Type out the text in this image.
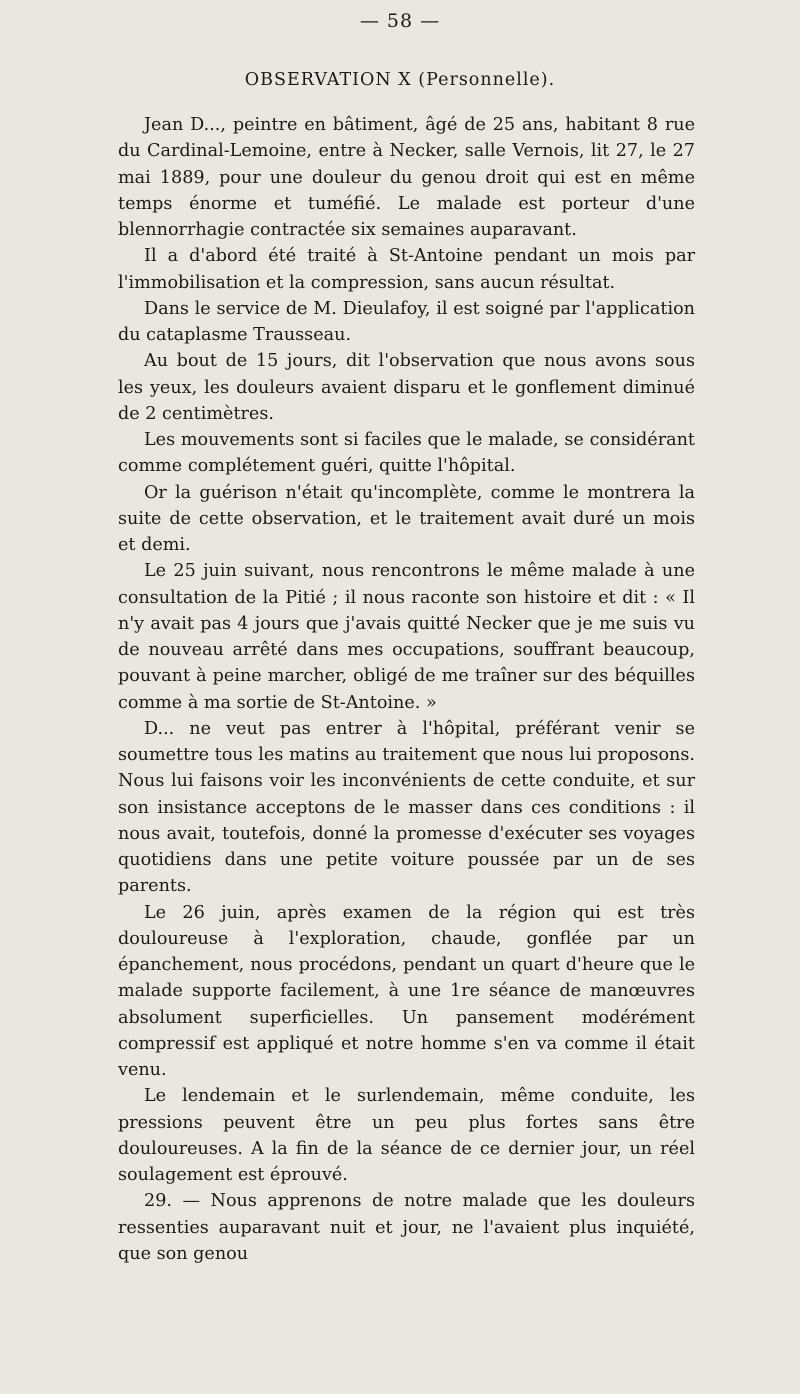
— 58 —
OBSERVATION X (Personnelle).

Jean D..., peintre en bâtiment, âgé de 25 ans, habitant 8 rue du Cardinal-Lemoine, entre à Necker, salle Vernois, lit 27, le 27 mai 1889, pour une douleur du genou droit qui est en même temps énorme et tuméfié. Le malade est porteur d'une blennorrhagie contractée six semaines auparavant.

Il a d'abord été traité à St-Antoine pendant un mois par l'immobilisation et la compression, sans aucun résultat.

Dans le service de M. Dieulafoy, il est soigné par l'application du cataplasme Trausseau.

Au bout de 15 jours, dit l'observation que nous avons sous les yeux, les douleurs avaient disparu et le gonflement diminué de 2 centimètres.

Les mouvements sont si faciles que le malade, se considérant comme complétement guéri, quitte l'hôpital.

Or la guérison n'était qu'incomplète, comme le montrera la suite de cette observation, et le traitement avait duré un mois et demi.

Le 25 juin suivant, nous rencontrons le même malade à une consultation de la Pitié ; il nous raconte son histoire et dit : « Il n'y avait pas 4 jours que j'avais quitté Necker que je me suis vu de nouveau arrêté dans mes occupations, souffrant beaucoup, pouvant à peine marcher, obligé de me traîner sur des béquilles comme à ma sortie de St-Antoine. »

D... ne veut pas entrer à l'hôpital, préférant venir se soumettre tous les matins au traitement que nous lui proposons. Nous lui faisons voir les inconvénients de cette conduite, et sur son insistance acceptons de le masser dans ces conditions : il nous avait, toutefois, donné la promesse d'exécuter ses voyages quotidiens dans une petite voiture poussée par un de ses parents.

Le 26 juin, après examen de la région qui est très douloureuse à l'exploration, chaude, gonflée par un épanchement, nous procédons, pendant un quart d'heure que le malade supporte facilement, à une 1re séance de manœuvres absolument superficielles. Un pansement modérément compressif est appliqué et notre homme s'en va comme il était venu.

Le lendemain et le surlendemain, même conduite, les pressions peuvent être un peu plus fortes sans être douloureuses. A la fin de la séance de ce dernier jour, un réel soulagement est éprouvé.

29. — Nous apprenons de notre malade que les douleurs ressenties auparavant nuit et jour, ne l'avaient plus inquiété, que son genou
